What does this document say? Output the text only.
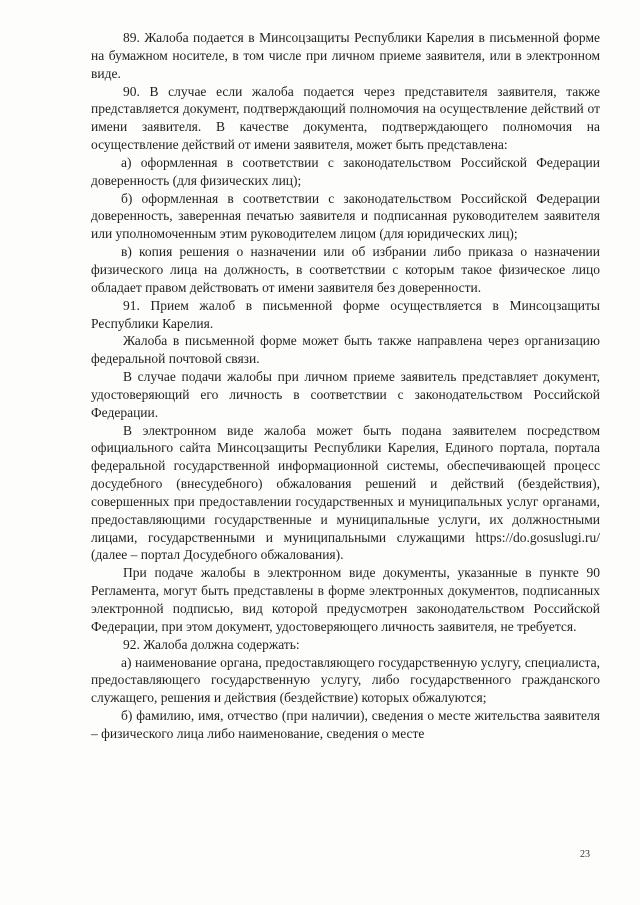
89. Жалоба подается в Минсоцзащиты Республики Карелия в письменной форме на бумажном носителе, в том числе при личном приеме заявителя, или в электронном виде.

90. В случае если жалоба подается через представителя заявителя, также представляется документ, подтверждающий полномочия на осуществление действий от имени заявителя. В качестве документа, подтверждающего полномочия на осуществление действий от имени заявителя, может быть представлена:

а) оформленная в соответствии с законодательством Российской Федерации доверенность (для физических лиц);

б) оформленная в соответствии с законодательством Российской Федерации доверенность, заверенная печатью заявителя и подписанная руководителем заявителя или уполномоченным этим руководителем лицом (для юридических лиц);

в) копия решения о назначении или об избрании либо приказа о назначении физического лица на должность, в соответствии с которым такое физическое лицо обладает правом действовать от имени заявителя без доверенности.

91. Прием жалоб в письменной форме осуществляется в Минсоцзащиты Республики Карелия.

Жалоба в письменной форме может быть также направлена через организацию федеральной почтовой связи.

В случае подачи жалобы при личном приеме заявитель представляет документ, удостоверяющий его личность в соответствии с законодательством Российской Федерации.

В электронном виде жалоба может быть подана заявителем посредством официального сайта Минсоцзащиты Республики Карелия, Единого портала, портала федеральной государственной информационной системы, обеспечивающей процесс досудебного (внесудебного) обжалования решений и действий (бездействия), совершенных при предоставлении государственных и муниципальных услуг органами, предоставляющими государственные и муниципальные услуги, их должностными лицами, государственными и муниципальными служащими https://do.gosuslugi.ru/ (далее – портал Досудебного обжалования).

При подаче жалобы в электронном виде документы, указанные в пункте 90 Регламента, могут быть представлены в форме электронных документов, подписанных электронной подписью, вид которой предусмотрен законодательством Российской Федерации, при этом документ, удостоверяющего личность заявителя, не требуется.

92. Жалоба должна содержать:

а) наименование органа, предоставляющего государственную услугу, специалиста, предоставляющего государственную услугу, либо государственного гражданского служащего, решения и действия (бездействие) которых обжалуются;

б) фамилию, имя, отчество (при наличии), сведения о месте жительства заявителя – физического лица либо наименование, сведения о месте

23
